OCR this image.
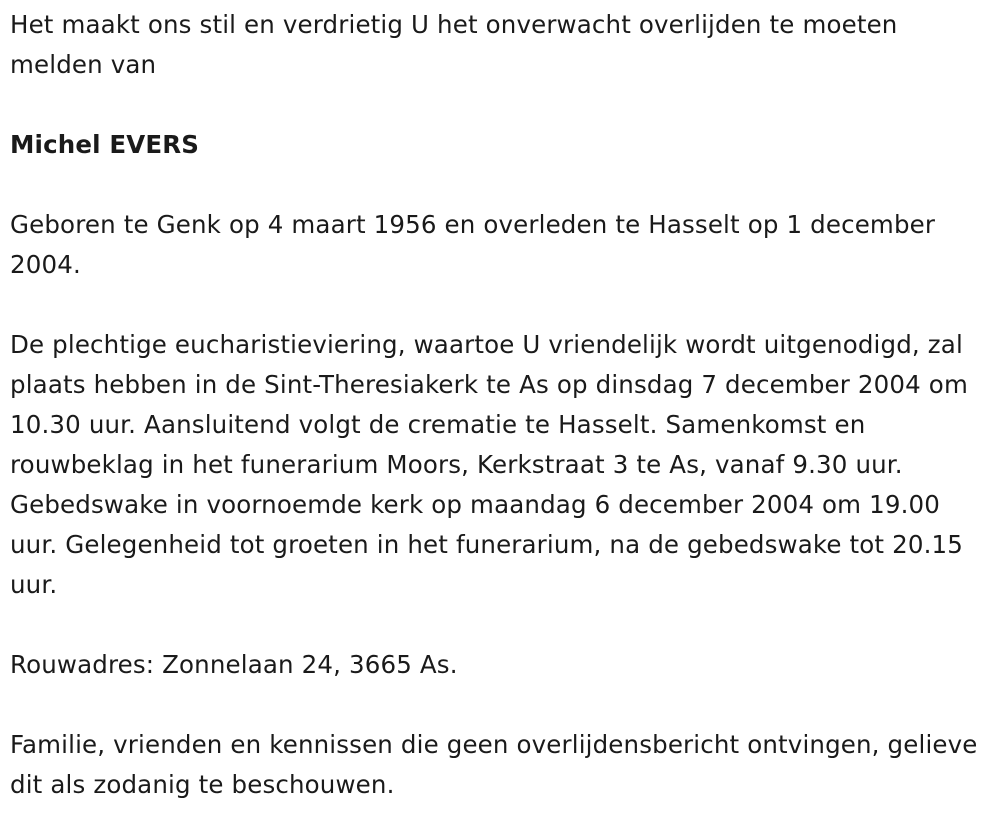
Het maakt ons stil en verdrietig U het onverwacht overlijden te moeten melden van

Michel EVERS

Geboren te Genk op 4 maart 1956 en overleden te Hasselt op 1 december 2004.

De plechtige eucharistieviering, waartoe U vriendelijk wordt uitgenodigd, zal plaats hebben in de Sint-Theresiakerk te As op dinsdag 7 december 2004 om 10.30 uur. Aansluitend volgt de crematie te Hasselt. Samenkomst en rouwbeklag in het funerarium Moors, Kerkstraat 3 te As, vanaf 9.30 uur. Gebedswake in voornoemde kerk op maandag 6 december 2004 om 19.00 uur. Gelegenheid tot groeten in het funerarium, na de gebedswake tot 20.15 uur.

Rouwadres: Zonnelaan 24, 3665 As.

Familie, vrienden en kennissen die geen overlijdensbericht ontvingen, gelieve dit als zodanig te beschouwen.
